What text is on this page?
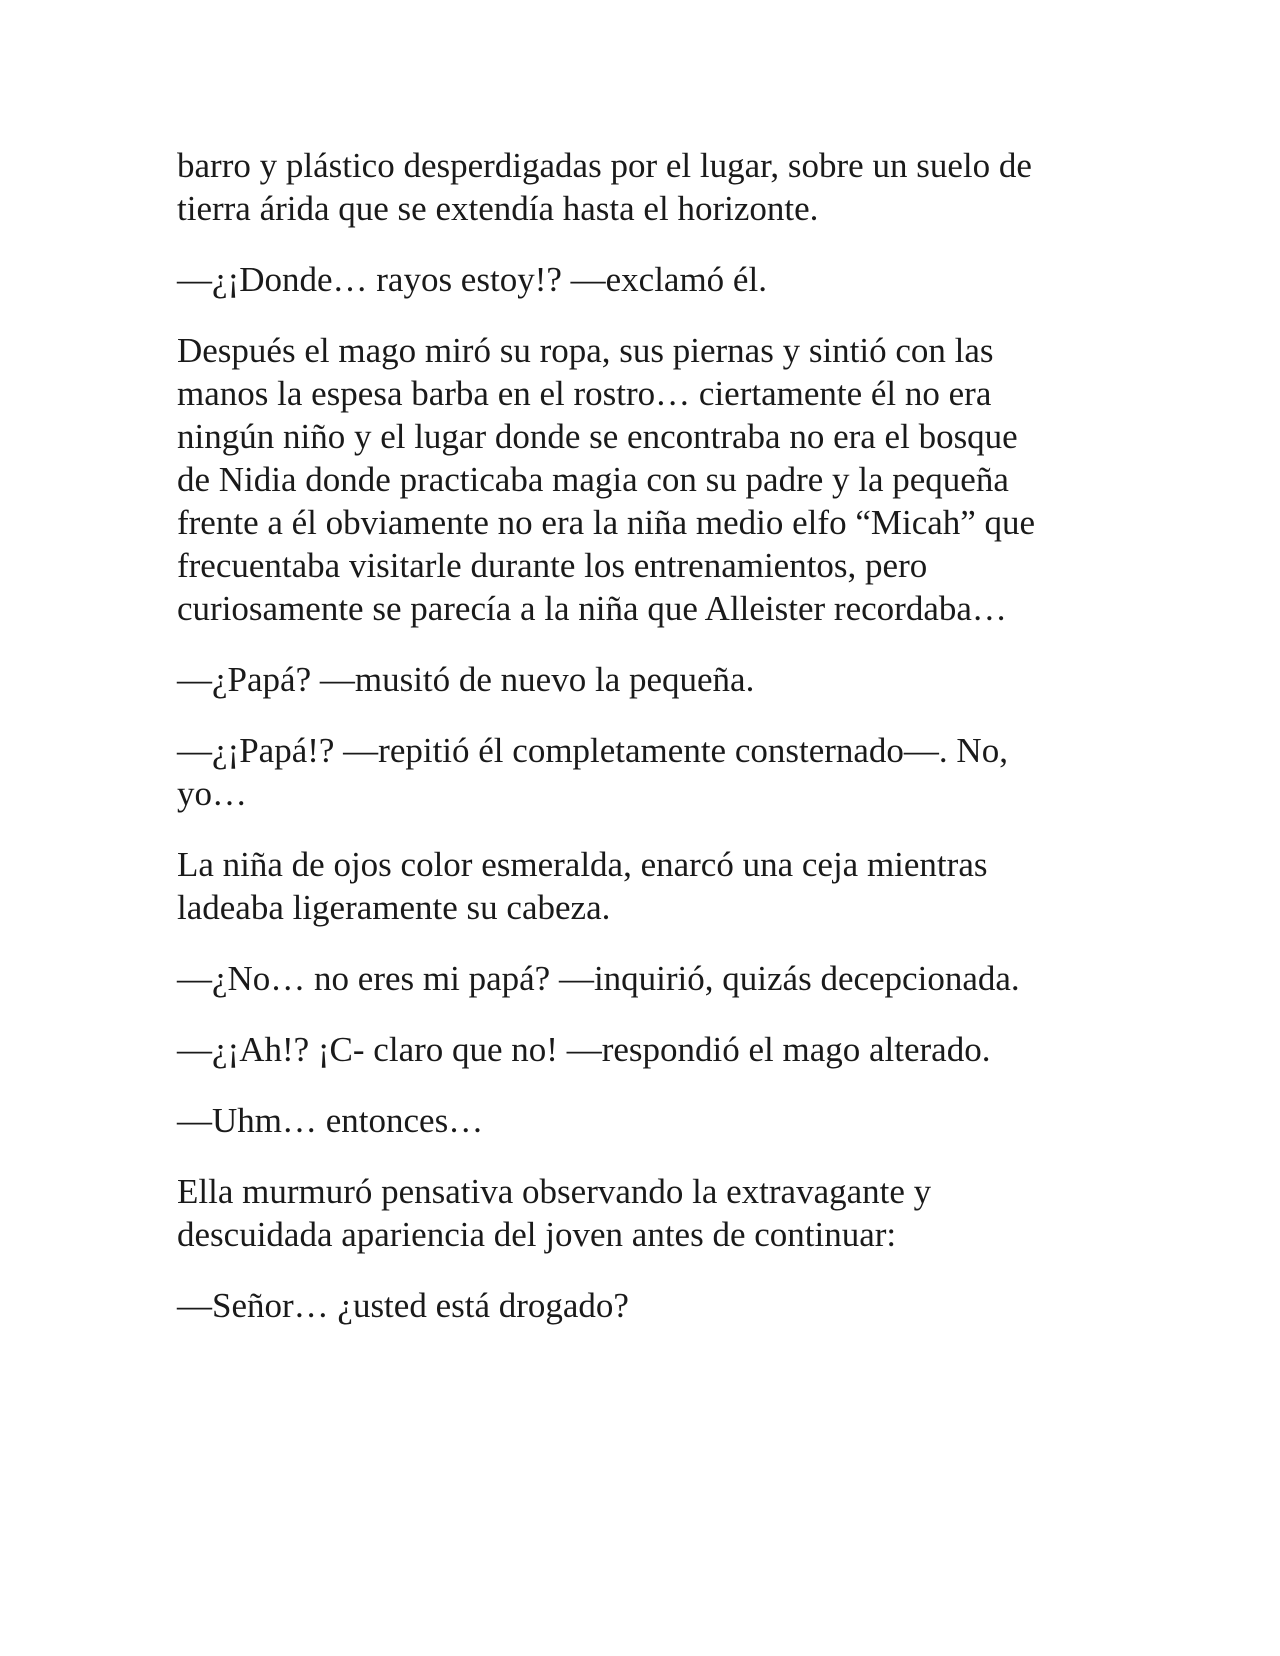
barro y plástico desperdigadas por el lugar, sobre un suelo de
tierra árida que se extendía hasta el horizonte.

—¿¡Donde… rayos estoy!? —exclamó él.

Después el mago miró su ropa, sus piernas y sintió con las
manos la espesa barba en el rostro… ciertamente él no era
ningún niño y el lugar donde se encontraba no era el bosque
de Nidia donde practicaba magia con su padre y la pequeña
frente a él obviamente no era la niña medio elfo “Micah” que
frecuentaba visitarle durante los entrenamientos, pero
curiosamente se parecía a la niña que Alleister recordaba…

—¿Papá? —musitó de nuevo la pequeña.

—¿¡Papá!? —repitió él completamente consternado—. No,
yo…

La niña de ojos color esmeralda, enarcó una ceja mientras
ladeaba ligeramente su cabeza.

—¿No… no eres mi papá? —inquirió, quizás decepcionada.

—¿¡Ah!? ¡C- claro que no! —respondió el mago alterado.

—Uhm… entonces…

Ella murmuró pensativa observando la extravagante y
descuidada apariencia del joven antes de continuar:

—Señor… ¿usted está drogado?
